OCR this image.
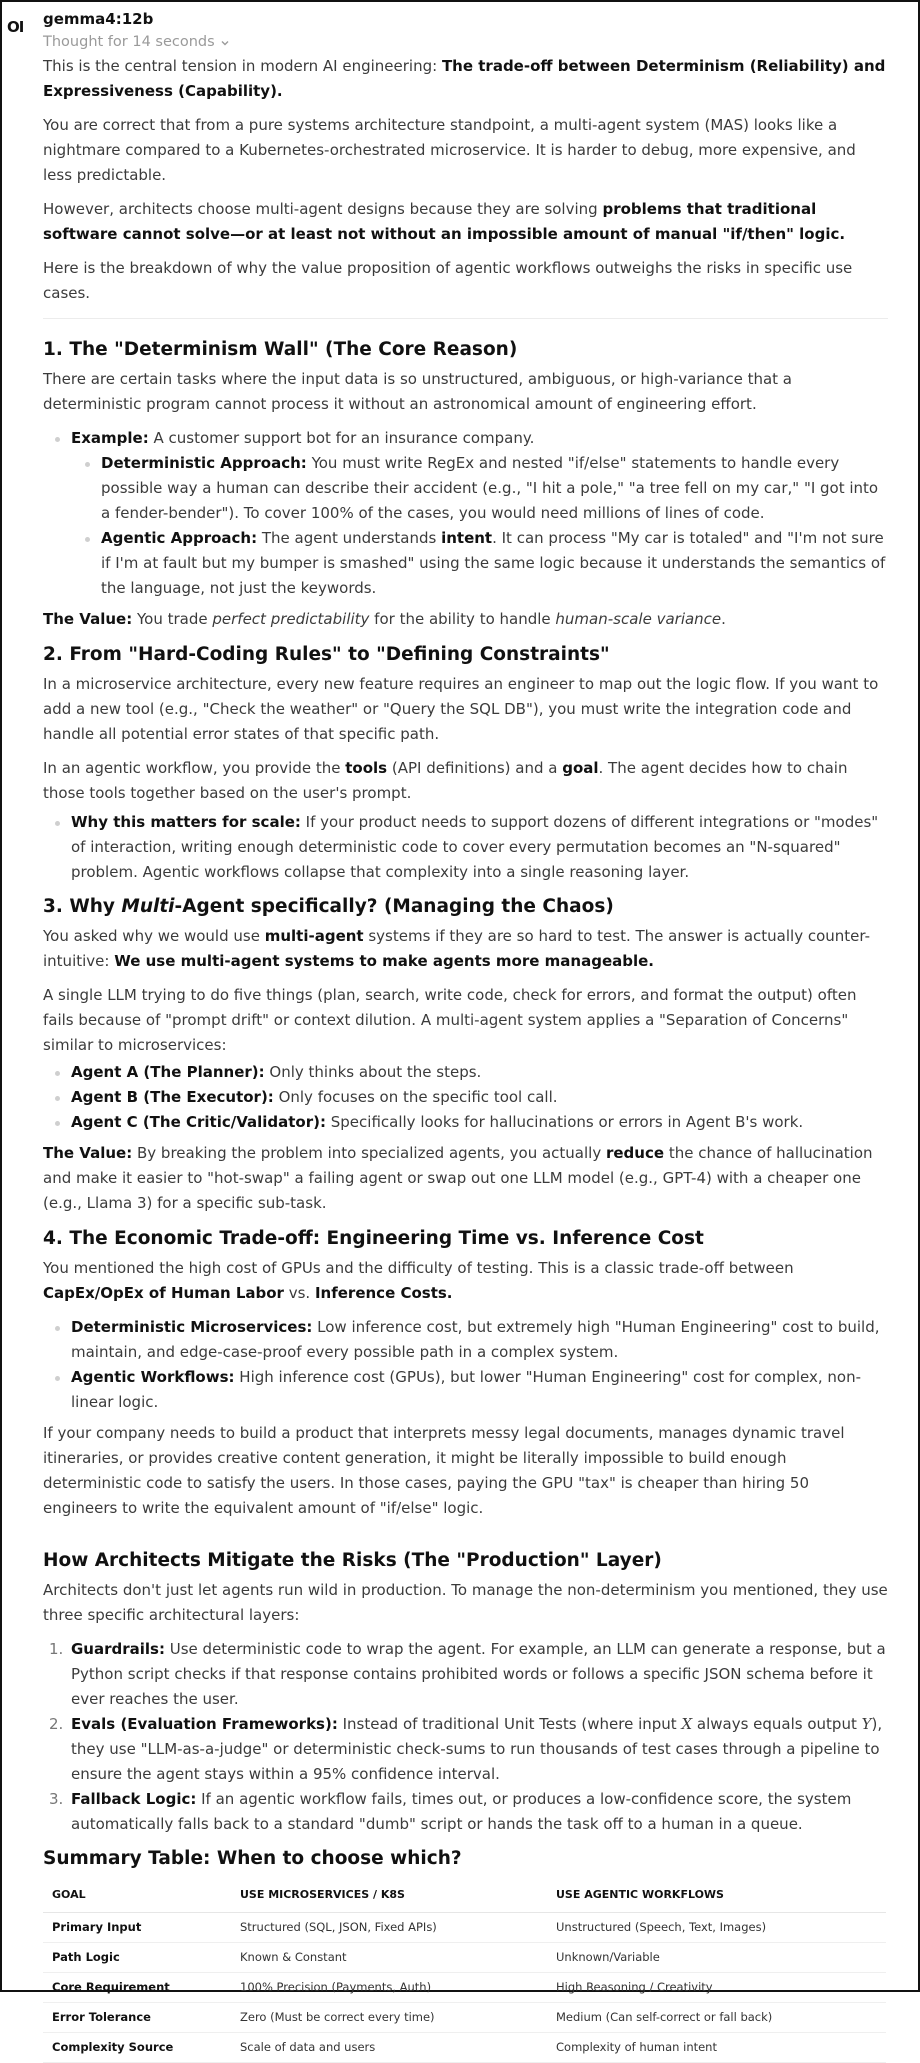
OI gemma4:12b
Thought for 14 seconds

This is the central tension in modern AI engineering: The trade-off between Determinism (Reliability) and Expressiveness (Capability).

You are correct that from a pure systems architecture standpoint, a multi-agent system (MAS) looks like a nightmare compared to a Kubernetes-orchestrated microservice. It is harder to debug, more expensive, and less predictable.

However, architects choose multi-agent designs because they are solving problems that traditional software cannot solve—or at least not without an impossible amount of manual "if/then" logic.

Here is the breakdown of why the value proposition of agentic workflows outweighs the risks in specific use cases.

1. The "Determinism Wall" (The Core Reason)

There are certain tasks where the input data is so unstructured, ambiguous, or high-variance that a deterministic program cannot process it without an astronomical amount of engineering effort.

Example: A customer support bot for an insurance company.
Deterministic Approach: You must write RegEx and nested "if/else" statements to handle every possible way a human can describe their accident (e.g., "I hit a pole," "a tree fell on my car," "I got into a fender-bender"). To cover 100% of the cases, you would need millions of lines of code.
Agentic Approach: The agent understands intent. It can process "My car is totaled" and "I'm not sure if I'm at fault but my bumper is smashed" using the same logic because it understands the semantics of the language, not just the keywords.

The Value: You trade perfect predictability for the ability to handle human-scale variance.

2. From "Hard-Coding Rules" to "Defining Constraints"

In a microservice architecture, every new feature requires an engineer to map out the logic flow. If you want to add a new tool (e.g., "Check the weather" or "Query the SQL DB"), you must write the integration code and handle all potential error states of that specific path.

In an agentic workflow, you provide the tools (API definitions) and a goal. The agent decides how to chain those tools together based on the user's prompt.

Why this matters for scale: If your product needs to support dozens of different integrations or "modes" of interaction, writing enough deterministic code to cover every permutation becomes an "N-squared" problem. Agentic workflows collapse that complexity into a single reasoning layer.
3. Why Multi-Agent specifically? (Managing the Chaos)

You asked why we would use multi-agent systems if they are so hard to test. The answer is actually counter-intuitive: We use multi-agent systems to make agents more manageable.

A single LLM trying to do five things (plan, search, write code, check for errors, and format the output) often fails because of "prompt drift" or context dilution. A multi-agent system applies a "Separation of Concerns" similar to microservices:

Agent A (The Planner): Only thinks about the steps.
Agent B (The Executor): Only focuses on the specific tool call.
Agent C (The Critic/Validator): Specifically looks for hallucinations or errors in Agent B's work.

The Value: By breaking the problem into specialized agents, you actually reduce the chance of hallucination and make it easier to "hot-swap" a failing agent or swap out one LLM model (e.g., GPT-4) with a cheaper one (e.g., Llama 3) for a specific sub-task.

4. The Economic Trade-off: Engineering Time vs. Inference Cost

You mentioned the high cost of GPUs and the difficulty of testing. This is a classic trade-off between CapEx/OpEx of Human Labor vs. Inference Costs.

Deterministic Microservices: Low inference cost, but extremely high "Human Engineering" cost to build, maintain, and edge-case-proof every possible path in a complex system.
Agentic Workflows: High inference cost (GPUs), but lower "Human Engineering" cost for complex, non-linear logic.

If your company needs to build a product that interprets messy legal documents, manages dynamic travel itineraries, or provides creative content generation, it might be literally impossible to build enough deterministic code to satisfy the users. In those cases, paying the GPU "tax" is cheaper than hiring 50 engineers to write the equivalent amount of "if/else" logic.

How Architects Mitigate the Risks (The "Production" Layer)

Architects don't just let agents run wild in production. To manage the non-determinism you mentioned, they use three specific architectural layers:

1. Guardrails: Use deterministic code to wrap the agent. For example, an LLM can generate a response, but a Python script checks if that response contains prohibited words or follows a specific JSON schema before it ever reaches the user.
2. Evals (Evaluation Frameworks): Instead of traditional Unit Tests (where input X always equals output Y), they use "LLM-as-a-judge" or deterministic check-sums to run thousands of test cases through a pipeline to ensure the agent stays within a 95% confidence interval.
3. Fallback Logic: If an agentic workflow fails, times out, or produces a low-confidence score, the system automatically falls back to a standard "dumb" script or hands the task off to a human in a queue.
Summary Table: When to choose which?
GOAL	USE MICROSERVICES / K8S	USE AGENTIC WORKFLOWS
Primary Input	Structured (SQL, JSON, Fixed APIs)	Unstructured (Speech, Text, Images)
Path Logic	Known & Constant	Unknown/Variable
Core Requirement	100% Precision (Payments, Auth)	High Reasoning / Creativity
Error Tolerance	Zero (Must be correct every time)	Medium (Can self-correct or fall back)
Complexity Source	Scale of data and users	Complexity of human intent
